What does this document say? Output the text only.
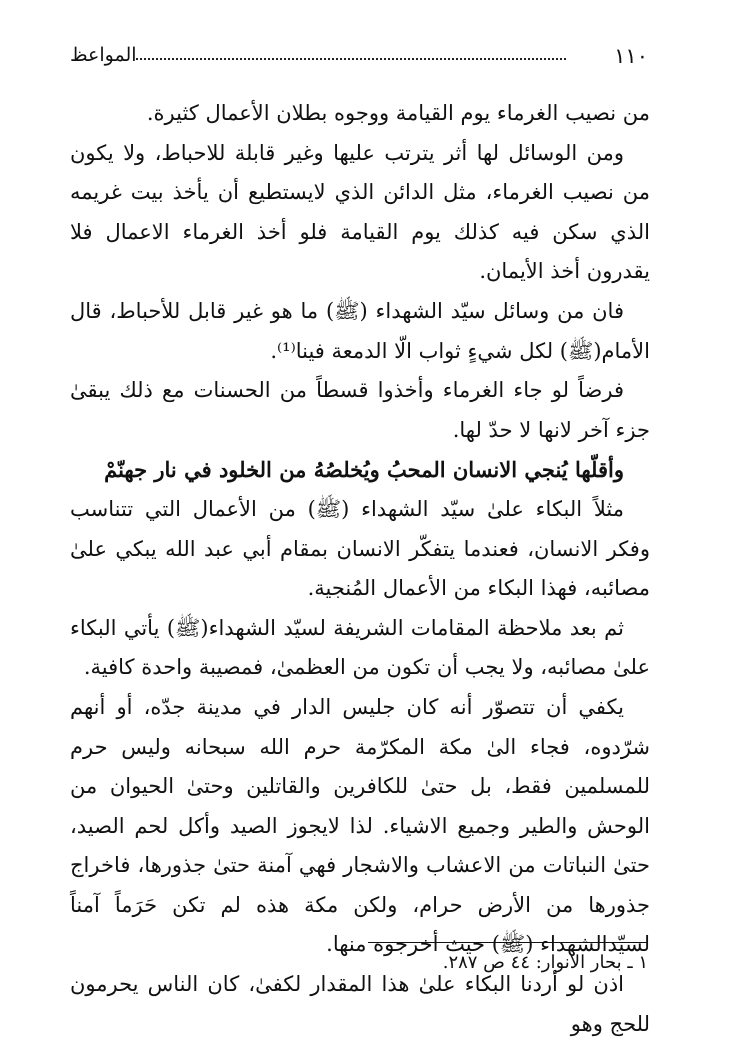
١١٠
المواعظ

من نصيب الغرماء يوم القيامة ووجوه بطلان الأعمال كثيرة.

ومن الوسائل لها أثر يترتب عليها وغير قابلة للاحباط، ولا يكون من نصيب الغرماء، مثل الدائن الذي لايستطيع أن يأخذ بيت غريمه الذي سكن فيه كذلك يوم القيامة فلو أخذ الغرماء الاعمال فلا يقدرون أخذ الأيمان.

فان من وسائل سيّد الشهداء (ﷺ) ما هو غير قابل للأحباط، قال الأمام(ﷺ) لكل شيءٍ ثواب الّا الدمعة فينا⁽¹⁾.

فرضاً لو جاء الغرماء وأخذوا قسطاً من الحسنات مع ذلك يبقىٰ جزء آخر لانها لا حدّ لها.

وأقلّها يُنجي الانسان المحبُ ويُخلصُهُ من الخلود في نار جهنّمْ

مثلاً البكاء علىٰ سيّد الشهداء (ﷺ) من الأعمال التي تتناسب وفكر الانسان، فعندما يتفكّر الانسان بمقام أبي عبد الله يبكي علىٰ مصائبه، فهذا البكاء من الأعمال المُنجية.

ثم بعد ملاحظة المقامات الشريفة لسيّد الشهداء(ﷺ) يأتي البكاء علىٰ مصائبه، ولا يجب أن تكون من العظمىٰ، فمصيبة واحدة كافية.

يكفي أن تتصوّر أنه كان جليس الدار في مدينة جدّه، أو أنهم شرّدوه، فجاء الىٰ مكة المكرّمة حرم الله سبحانه وليس حرم للمسلمين فقط، بل حتىٰ للكافرين والقاتلين وحتىٰ الحيوان من الوحش والطير وجميع الاشياء. لذا لايجوز الصيد وأكل لحم الصيد، حتىٰ النباتات من الاعشاب والاشجار فهي آمنة حتىٰ جذورها، فاخراج جذورها من الأرض حرام، ولكن مكة هذه لم تكن حَرَماً آمناً لسيّدالشهداء (ﷺ) حيث أخرجوه منها.

اذن لو أردنا البكاء علىٰ هذا المقدار لكفىٰ، كان الناس يحرمون للحج وهو

١ ـ بحار الانوار: ٤٤ ص ٢٨٧.
